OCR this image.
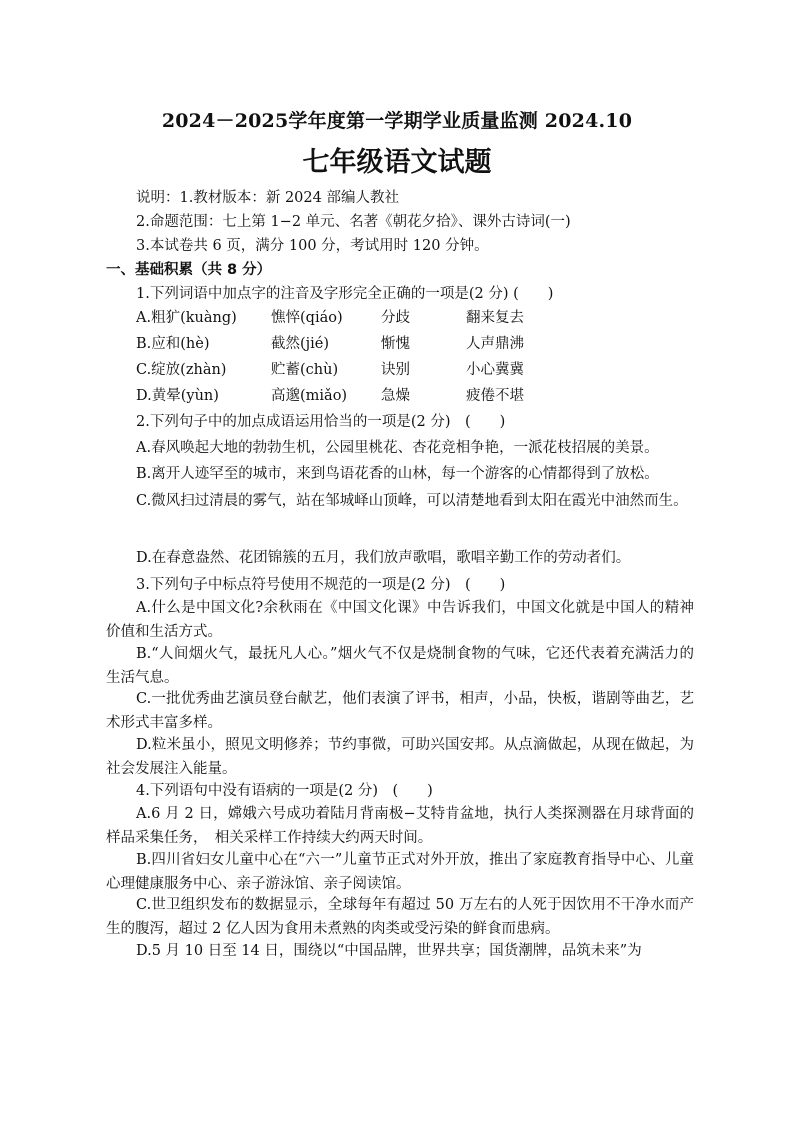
2024－2025学年度第一学期学业质量监测 2024.10
七年级语文试题
说明：1.教材版本：新 2024 部编人教社
2.命题范围：七上第 1−2 单元、名著《朝花夕拾》、课外古诗词(一)
3.本试卷共 6 页，满分 100 分，考试用时 120 分钟。
一、基础积累（共 8 分）
1.下列词语中加点字的注音及字形完全正确的一项是(2 分) (　　)
A.粗犷(kuàng) 憔悴(qiáo)	分歧	翻来复去
B.应和(hè)	截然(jié)	惭愧	人声鼎沸
C.绽放(zhàn)	贮蓄(chù)	诀别	小心冀冀
D.黄晕(yùn)	高邈(miǎo) 急燥	疲倦不堪
2.下列句子中的加点成语运用恰当的一项是(2 分)　(　　)
A.春风唤起大地的勃勃生机，公园里桃花、杏花竞相争艳，一派花枝招展的美景。
B.离开人迹罕至的城市，来到鸟语花香的山林，每一个游客的心情都得到了放松。
C.微风扫过清晨的雾气，站在邹城峄山顶峰，可以清楚地看到太阳在霞光中油然而生。
D.在春意盎然、花团锦簇的五月，我们放声歌唱，歌唱辛勤工作的劳动者们。
3.下列句子中标点符号使用不规范的一项是(2 分)　(　　)
A.什么是中国文化?余秋雨在《中国文化课》中告诉我们，中国文化就是中国人的精神价值和生活方式。
B.“人间烟火气，最抚凡人心。”烟火气不仅是烧制食物的气味，它还代表着充满活力的生活气息。
C.一批优秀曲艺演员登台献艺，他们表演了评书，相声，小品，快板，谐剧等曲艺，艺术形式丰富多样。
D.粒米虽小，照见文明修养；节约事微，可助兴国安邦。从点滴做起，从现在做起，为社会发展注入能量。
4.下列语句中没有语病的一项是(2 分)　(　　)
A.6 月 2 日，嫦娥六号成功着陆月背南极−艾特肯盆地，执行人类探测器在月球背面的样品采集任务，　相关采样工作持续大约两天时间。
B.四川省妇女儿童中心在“六一”儿童节正式对外开放，推出了家庭教育指导中心、儿童心理健康服务中心、亲子游泳馆、亲子阅读馆。
C.世卫组织发布的数据显示，全球每年有超过 50 万左右的人死于因饮用不干净水而产生的腹泻，超过 2 亿人因为食用未煮熟的肉类或受污染的鲜食而患病。
D.5 月 10 日至 14 日，围绕以“中国品牌，世界共享；国货潮牌，品筑未来”为
